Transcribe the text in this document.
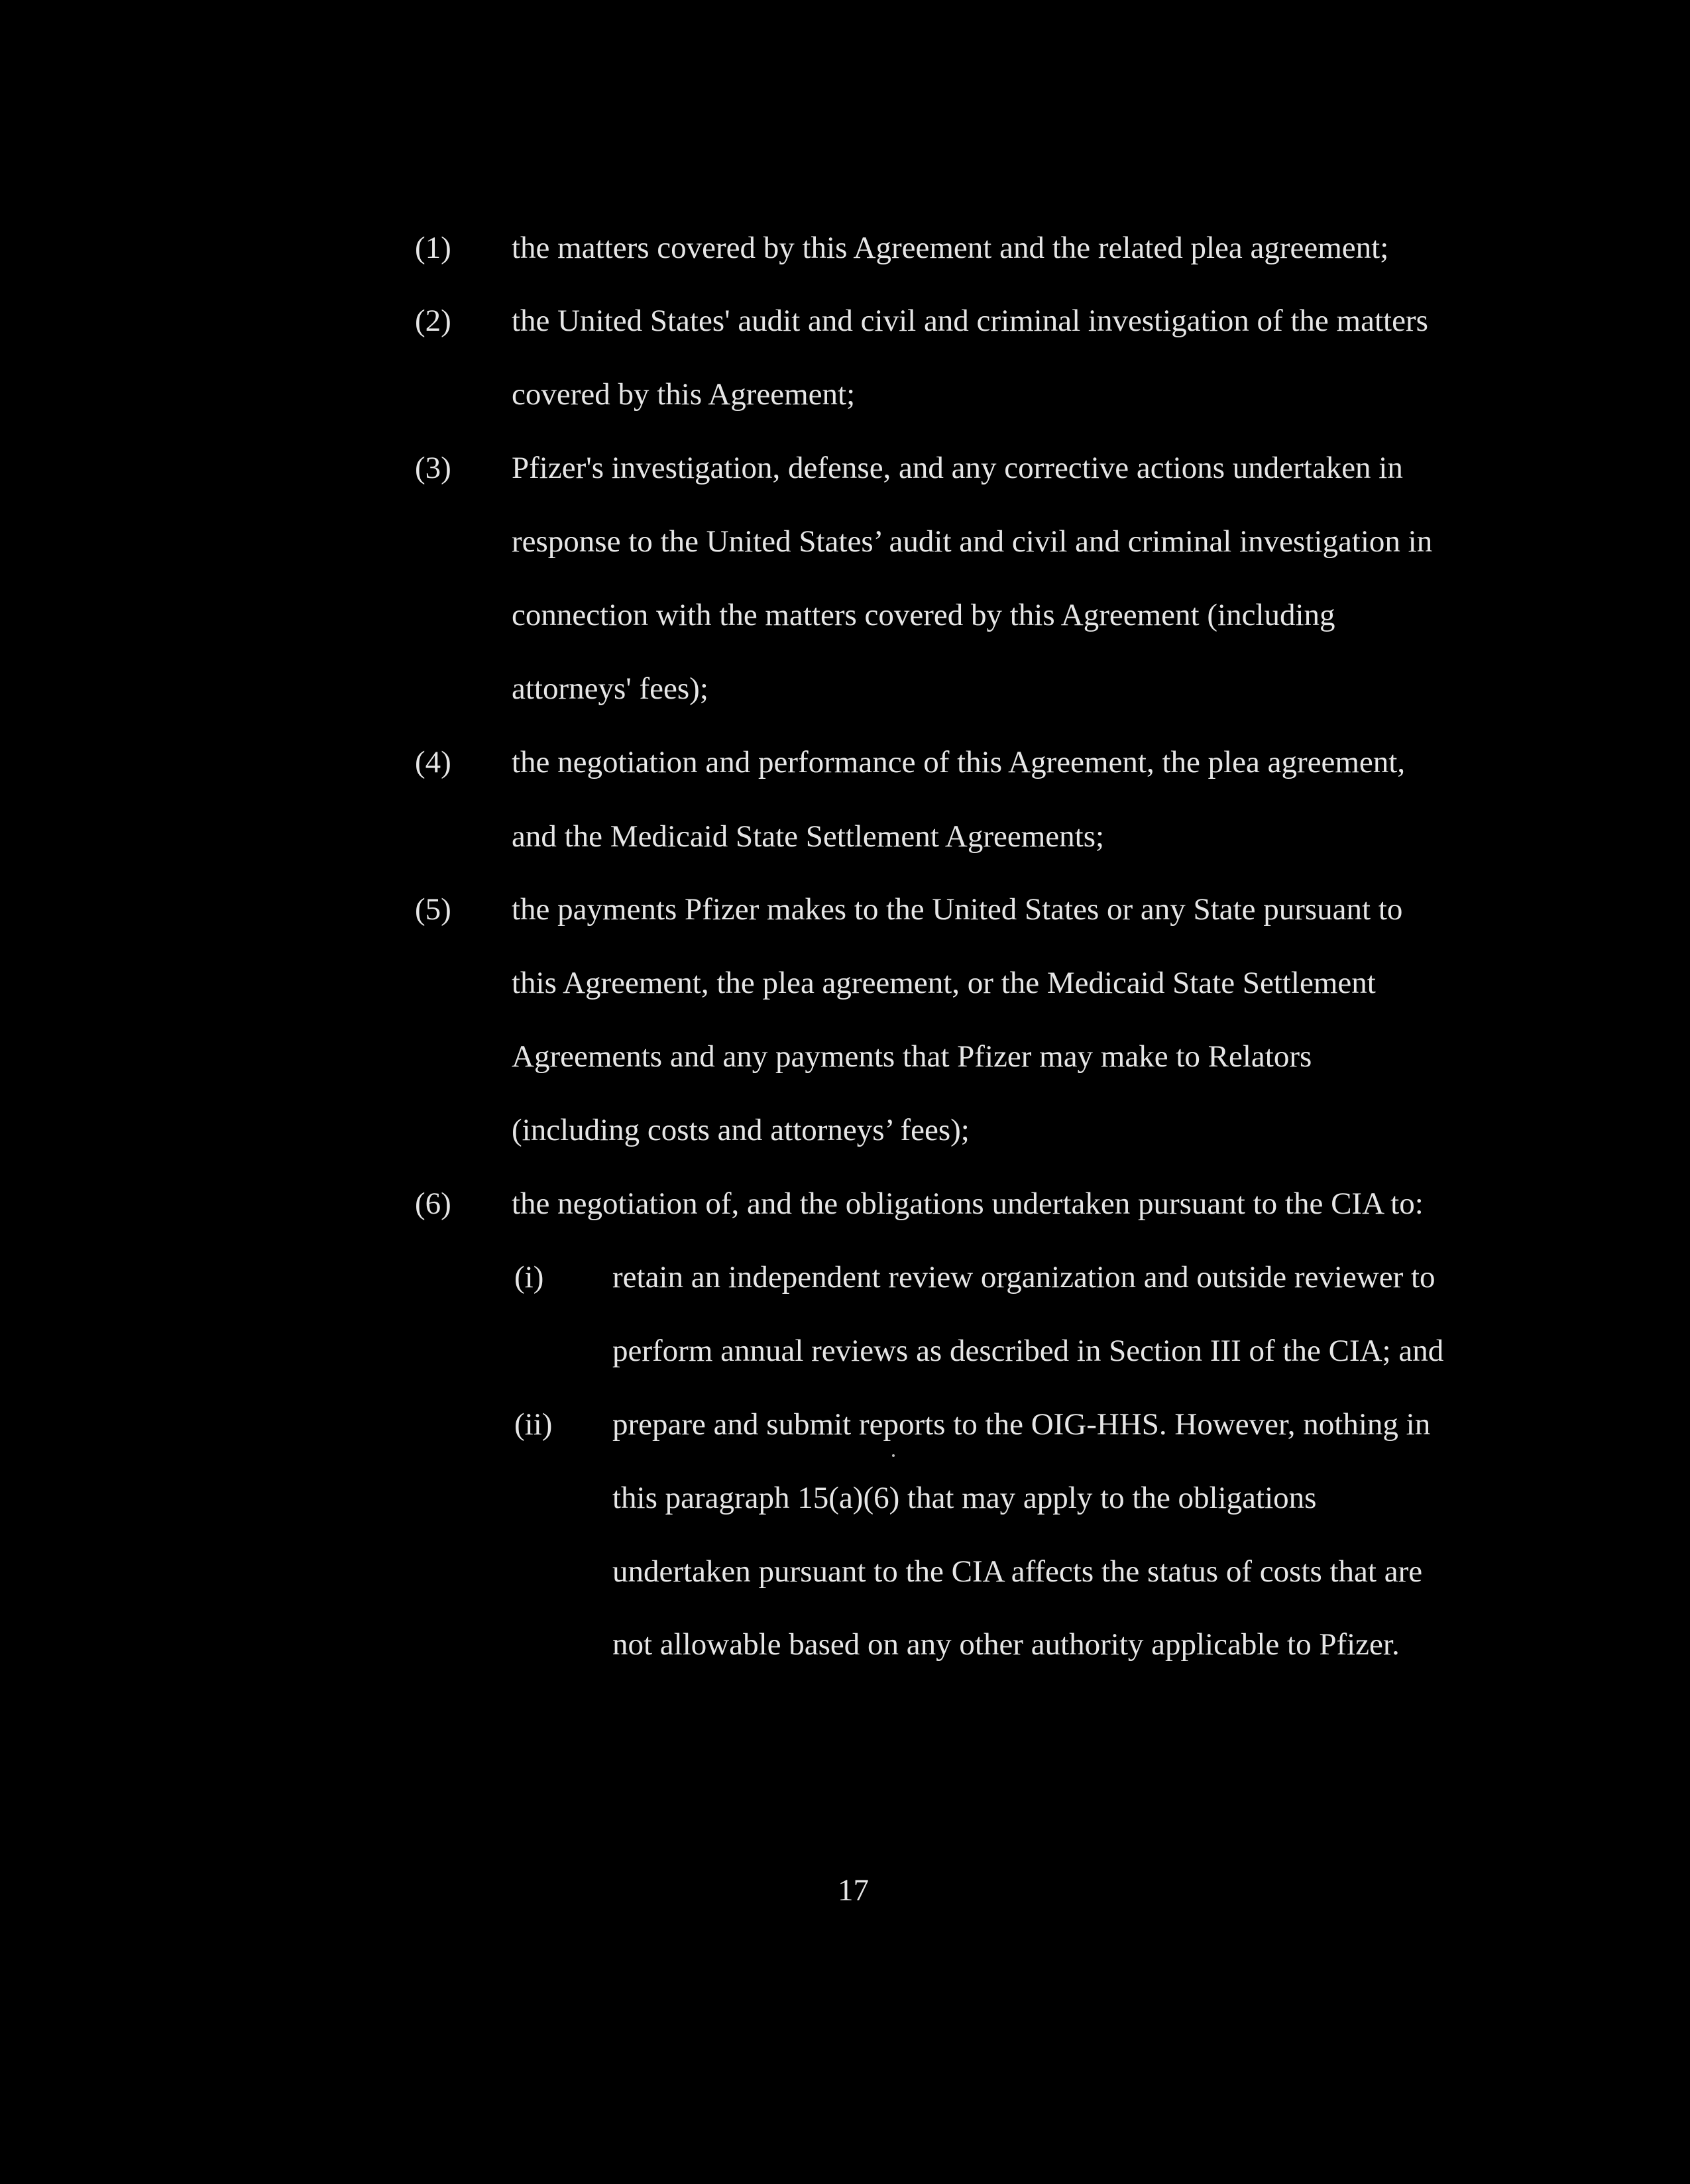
(1) the matters covered by this Agreement and the related plea agreement;
(2) the United States' audit and civil and criminal investigation of the matters
covered by this Agreement;
(3) Pfizer's investigation, defense, and any corrective actions undertaken in
response to the United States’ audit and civil and criminal investigation in
connection with the matters covered by this Agreement (including
attorneys' fees);
(4) the negotiation and performance of this Agreement, the plea agreement,
and the Medicaid State Settlement Agreements;
(5) the payments Pfizer makes to the United States or any State pursuant to
this Agreement, the plea agreement, or the Medicaid State Settlement
Agreements and any payments that Pfizer may make to Relators
(including costs and attorneys’ fees);
(6) the negotiation of, and the obligations undertaken pursuant to the CIA to:
(i) retain an independent review organization and outside reviewer to
perform annual reviews as described in Section III of the CIA; and
(ii) prepare and submit reports to the OIG-HHS. However, nothing in
this paragraph 15(a)(6) that may apply to the obligations
undertaken pursuant to the CIA affects the status of costs that are
not allowable based on any other authority applicable to Pfizer.
17
